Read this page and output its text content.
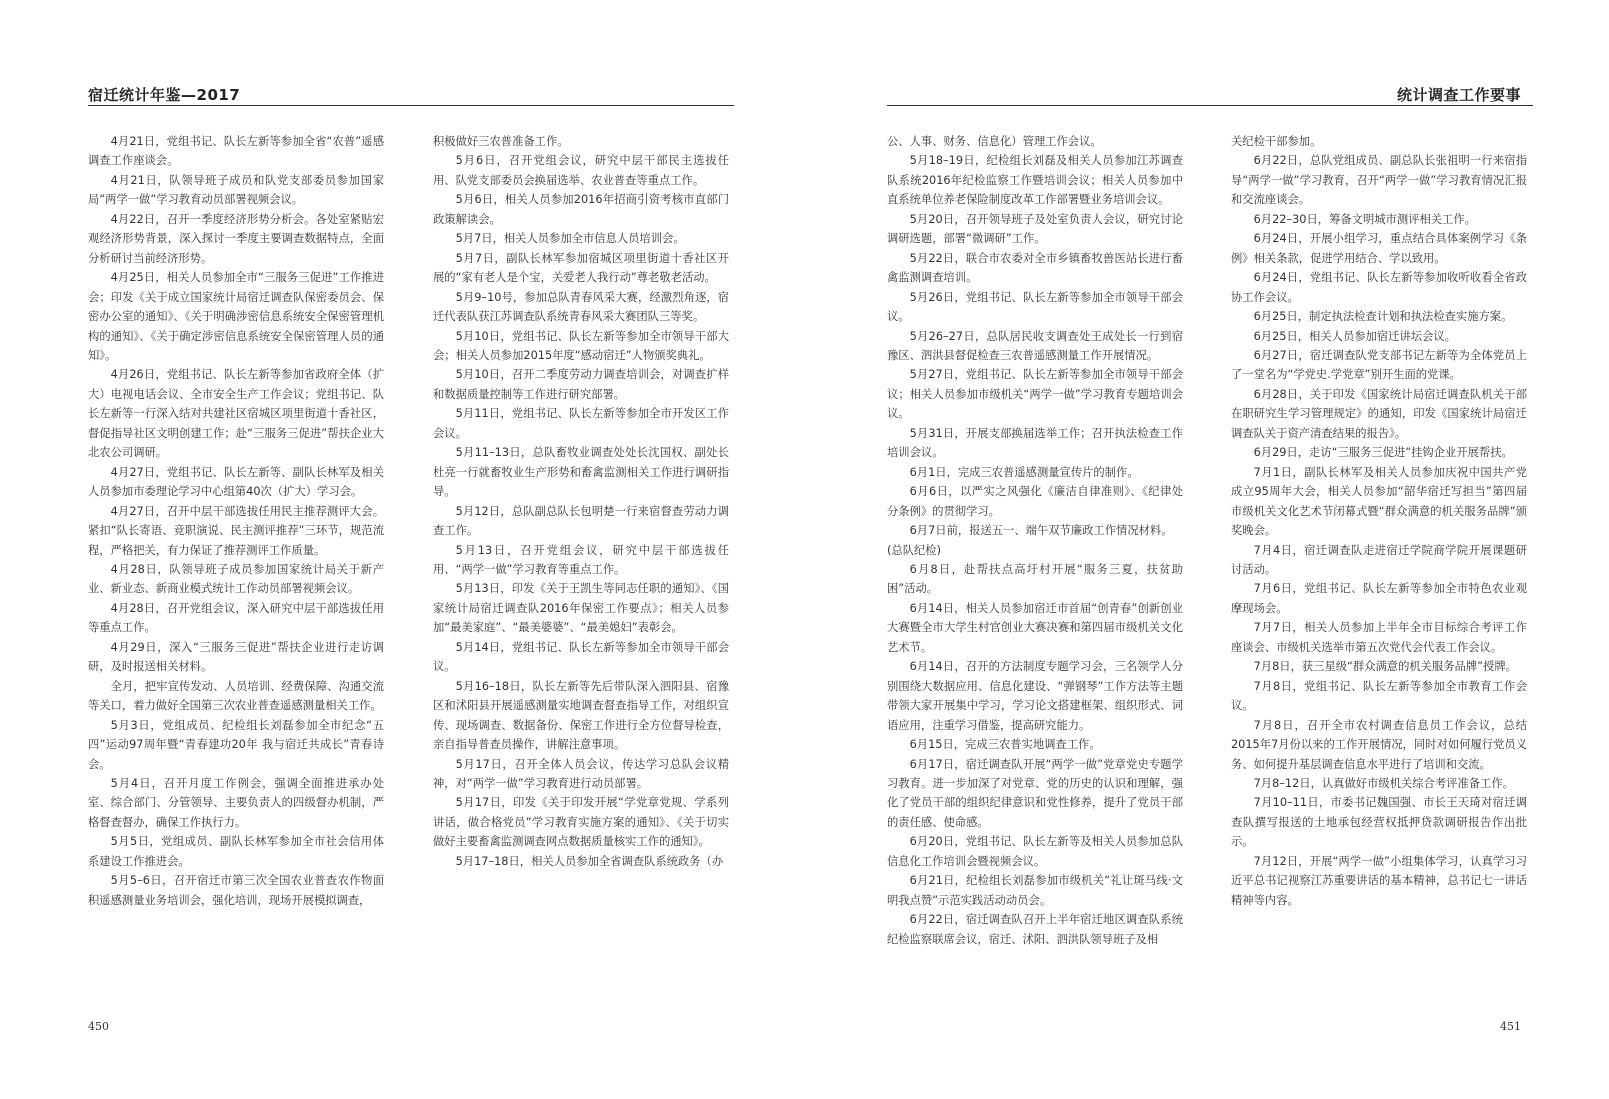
宿迁统计年鉴—2017

4月21日，党组书记、队长左新等参加全省“农普”遥感调查工作座谈会。

4月21日，队领导班子成员和队党支部委员参加国家局“两学一做”学习教育动员部署视频会议。

4月22日，召开一季度经济形势分析会。各处室紧贴宏观经济形势背景，深入探讨一季度主要调查数据特点，全面分析研讨当前经济形势。

4月25日，相关人员参加全市“三服务三促进”工作推进会；印发《关于成立国家统计局宿迁调查队保密委员会、保密办公室的通知》、《关于明确涉密信息系统安全保密管理机构的通知》、《关于确定涉密信息系统安全保密管理人员的通知》。

4月26日，党组书记、队长左新等参加省政府全体（扩大）电视电话会议、全市安全生产工作会议；党组书记、队长左新等一行深入结对共建社区宿城区项里街道十香社区，督促指导社区文明创建工作；赴“三服务三促进”帮扶企业大北农公司调研。

4月27日，党组书记、队长左新等、副队长林军及相关人员参加市委理论学习中心组第40次（扩大）学习会。

4月27日，召开中层干部选拔任用民主推荐测评大会。紧扣“队长寄语、竞职演说、民主测评推荐”三环节，规范流程，严格把关，有力保证了推荐测评工作质量。

4月28日，队领导班子成员参加国家统计局关于新产业、新业态、新商业模式统计工作动员部署视频会议。

4月28日，召开党组会议，深入研究中层干部选拔任用等重点工作。

4月29日，深入“三服务三促进”帮扶企业进行走访调研，及时报送相关材料。

全月，把牢宣传发动、人员培训、经费保障、沟通交流等关口，着力做好全国第三次农业普查遥感测量相关工作。

5月3日，党组成员、纪检组长刘磊参加全市纪念“五四”运动97周年暨“青春建功20年 我与宿迁共成长”青春诗会。

5月4日，召开月度工作例会，强调全面推进承办处室、综合部门、分管领导、主要负责人的四级督办机制，严格督查督办，确保工作执行力。

5月5日，党组成员、副队长林军参加全市社会信用体系建设工作推进会。

5月5–6日，召开宿迁市第三次全国农业普查农作物面积遥感测量业务培训会，强化培训，现场开展模拟调查，

积极做好三农普准备工作。

5月6日，召开党组会议，研究中层干部民主选拔任用、队党支部委员会换届选举、农业普查等重点工作。

5月6日，相关人员参加2016年招商引资考核市直部门政策解读会。

5月7日，相关人员参加全市信息人员培训会。

5月7日，副队长林军参加宿城区项里街道十香社区开展的“家有老人是个宝，关爱老人我行动”尊老敬老活动。

5月9–10号，参加总队青春风采大赛，经激烈角逐，宿迁代表队获江苏调查队系统青春风采大赛团队三等奖。

5月10日，党组书记、队长左新等参加全市领导干部大会；相关人员参加2015年度“感动宿迁”人物颁奖典礼。

5月10日，召开二季度劳动力调查培训会，对调查扩样和数据质量控制等工作进行研究部署。

5月11日，党组书记、队长左新等参加全市开发区工作会议。

5月11–13日，总队畜牧业调查处处长沈国权、副处长杜亮一行就畜牧业生产形势和畜禽监测相关工作进行调研指导。

5月12日，总队副总队长包明楚一行来宿督查劳动力调查工作。

5月13日，召开党组会议，研究中层干部选拔任用、“两学一做”学习教育等重点工作。

5月13日，印发《关于王凯生等同志任职的通知》、《国家统计局宿迁调查队2016年保密工作要点》；相关人员参加“最美家庭”、“最美婆婆”、“最美媳妇”表彰会。

5月14日，党组书记、队长左新等参加全市领导干部会议。

5月16–18日，队长左新等先后带队深入泗阳县、宿豫区和沭阳县开展遥感测量实地调查督查指导工作，对组织宣传、现场调查、数据备份、保密工作进行全方位督导检查，亲自指导普查员操作，讲解注意事项。

5月17日，召开全体人员会议，传达学习总队会议精神，对“两学一做”学习教育进行动员部署。

5月17日，印发《关于印发开展“学党章党规、学系列讲话，做合格党员”学习教育实施方案的通知》、《关于切实做好主要畜禽监测调查网点数据质量核实工作的通知》。

5月17–18日，相关人员参加全省调查队系统政务（办

450
统计调查工作要事

公、人事、财务、信息化）管理工作会议。

5月18–19日，纪检组长刘磊及相关人员参加江苏调查队系统2016年纪检监察工作暨培训会议；相关人员参加中直系统单位养老保险制度改革工作部署暨业务培训会议。

5月20日，召开领导班子及处室负责人会议，研究讨论调研选题，部署“微调研”工作。

5月22日，联合市农委对全市乡镇畜牧兽医站长进行畜禽监测调查培训。

5月26日，党组书记、队长左新等参加全市领导干部会议。

5月26–27日，总队居民收支调查处王成处长一行到宿豫区、泗洪县督促检查三农普遥感测量工作开展情况。

5月27日，党组书记、队长左新等参加全市领导干部会议；相关人员参加市级机关“两学一做”学习教育专题培训会议。

5月31日，开展支部换届选举工作；召开执法检查工作培训会议。

6月1日，完成三农普遥感测量宣传片的制作。

6月6日，以严实之风强化《廉洁自律准则》、《纪律处分条例》的贯彻学习。

6月7日前，报送五一、端午双节廉政工作情况材料。

(总队纪检)

6月8日，赴帮扶点高圩村开展“服务三夏，扶贫助困”活动。

6月14日，相关人员参加宿迁市首届“创青春”创新创业大赛暨全市大学生村官创业大赛决赛和第四届市级机关文化艺术节。

6月14日，召开的方法制度专题学习会，三名领学人分别围绕大数据应用、信息化建设、“弹钢琴”工作方法等主题带领大家开展集中学习，学习论文搭建框架、组织形式、词语应用，注重学习借鉴，提高研究能力。

6月15日，完成三农普实地调查工作。

6月17日，宿迁调查队开展“两学一做”党章党史专题学习教育。进一步加深了对党章、党的历史的认识和理解，强化了党员干部的组织纪律意识和党性修养，提升了党员干部的责任感、使命感。

6月20日，党组书记、队长左新等及相关人员参加总队信息化工作培训会暨视频会议。

6月21日，纪检组长刘磊参加市级机关“礼让斑马线·文明我点赞”示范实践活动动员会。

6月22日，宿迁调查队召开上半年宿迁地区调查队系统纪检监察联席会议，宿迁、沭阳、泗洪队领导班子及相

关纪检干部参加。

6月22日，总队党组成员、副总队长张祖明一行来宿指导“两学一做”学习教育，召开“两学一做”学习教育情况汇报和交流座谈会。

6月22–30日，筹备文明城市测评相关工作。

6月24日，开展小组学习，重点结合具体案例学习《条例》相关条款，促进学用结合、学以致用。

6月24日，党组书记、队长左新等参加收听收看全省政协工作会议。

6月25日，制定执法检查计划和执法检查实施方案。

6月25日，相关人员参加宿迁讲坛会议。

6月27日，宿迁调查队党支部书记左新等为全体党员上了一堂名为“学党史.学党章”别开生面的党课。

6月28日，关于印发《国家统计局宿迁调查队机关干部在职研究生学习管理规定》的通知，印发《国家统计局宿迁调查队关于资产清查结果的报告》。

6月29日，走访“三服务三促进”挂钩企业开展帮扶。

7月1日，副队长林军及相关人员参加庆祝中国共产党成立95周年大会，相关人员参加“韶华宿迁写担当”第四届市级机关文化艺术节闭幕式暨“群众满意的机关服务品牌”颁奖晚会。

7月4日，宿迁调查队走进宿迁学院商学院开展课题研讨活动。

7月6日，党组书记、队长左新等参加全市特色农业观摩现场会。

7月7日，相关人员参加上半年全市目标综合考评工作座谈会、市级机关选举市第五次党代会代表工作会议。

7月8日，获三星级“群众满意的机关服务品牌”授牌。

7月8日，党组书记、队长左新等参加全市教育工作会议。

7月8日，召开全市农村调查信息员工作会议，总结2015年7月份以来的工作开展情况，同时对如何履行党员义务、如何提升基层调查信息水平进行了培训和交流。

7月8–12日，认真做好市级机关综合考评准备工作。

7月10–11日，市委书记魏国强、市长王天琦对宿迁调查队撰写报送的土地承包经营权抵押贷款调研报告作出批示。

7月12日，开展“两学一做”小组集体学习，认真学习习近平总书记视察江苏重要讲话的基本精神，总书记七一讲话精神等内容。

451
